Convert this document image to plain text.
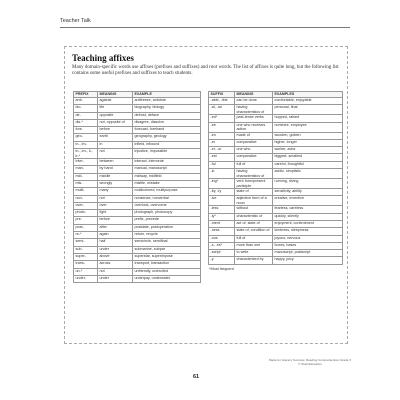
Teacher Talk
Teaching affixes

Many domain-specific words use affixes (prefixes and suffixes) and root words. The list of affixes is quite long, but the following list contains some useful prefixes and suffixes to teach students.

PREFIX	MEANING	EXAMPLE
anti-	against	antifreeze, antidote
bio-	life	biography, biology
de-	opposite	defrost, deface
dis-*	not, opposite of	disagree, dissolve
fore-	before	forecast, forehand
geo-	earth	geography, geology
in-, im-	in	infield, inbound
in-, im-, il-, ir-*	not	injustice, impossible
inter-	between	interact, intercede
man-	by hand	manual, manuscript
mid-	middle	midway, midfield
mis-	wrongly	misfile, mistake
multi-	many	multicolored, multipurpose
non-	not	nonsense, nonverbal
over-	over	overlook, overcome
photo-	light	photograph, photocopy
pre-	before	prefix, precede
post-	after	postdate, postoperation
re-*	again	return, recycle
semi-	half	semicircle, semifinal
sub-	under	submarine, subpar
super-	above	superstar, superimpose
trans-	across	transport, transaction
un-*	not	unfriendly, unexcited
under-	under	underpay, underwater
SUFFIX	MEANING	EXAMPLES
-able, -ible	can be done	comfortable, enjoyable
-al, -ial	having characteristics of	personal, final
-ed*	past-tense verbs	hopped, rained
-ee	one who receives action	nominee, employee
-en	made of	wooden, golden
-er	comparative	higher, longer
-er, -or	one who	worker, actor
-est	comparative	biggest, smallest
-ful	full of	careful, thoughtful
-ic	having characteristics of	acidic, simplistic
-ing*	verb form/present participle	running, diving
-ity, -ty	state of	sensitivity, ability
-ive	adjective form of a noun	creative, inventive
-less	without	fearless, careless
-ly*	characteristic of	quickly, silently
-ment	act of, state of	enjoyment, contentment
-ness	state of, condition of	kindness, sleepiness
-ous	full of	joyous, nervous
-s, -es*	more than one	boxes, bases
-script	to write	manuscript, postscript
-y	characterized by	happy, juicy
*Most frequent
Made for Literacy Success: Reading Comprehension Grade 6
© Shell Education
61
